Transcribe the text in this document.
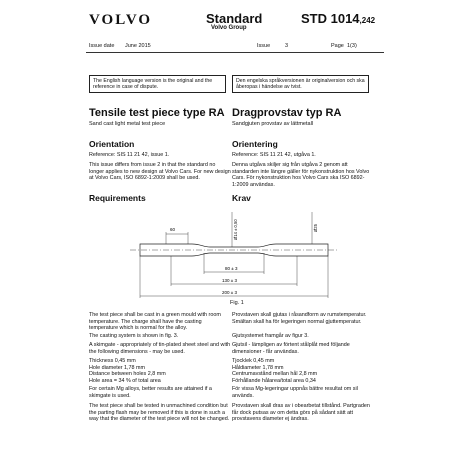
VOLVO	Standard
Volvo Group
STD 1014,242
Issue date June 2015	Issue	3	Page 1(3)
The English language version is the original and the reference in case of dispute.
Den engelska språkversionen är originalversion och ska åberopas i händelse av tvist.
Tensile test piece type RA
Sand cast light metal test piece
Dragprovstav typ RA
Sandgjuten provstav av lättmetall
Orientation	Orientering
Reference: SIS 11 21 42, issue 1.	Reference: SIS 11 21 42, utgåva 1.
This issue differs from issue 2 in that the standard no longer applies to new design at Volvo Cars. For new design at Volvo Cars, ISO 6892-1:2009 shall be used.
Denna utgåva skiljer sig från utgåva 2 genom att standarden inte längre gäller för nykonstruktion hos Volvo Cars. För nykonstruktion hos Volvo Cars ska ISO 6892-1:2009 användas.
Requirements	Krav
60
80 ± 3
130 ± 3
200 ± 3
Ø14 ± 0,50	Ø25
Fig. 1
The test piece shall be cast in a green mould with room temperature. The charge shall have the casting temperature which is normal for the alloy.
The casting system is shown in fig. 3.
A skimgate - appropriately of tin-plated sheet steel and with the following dimensions - may be used.
Thickness 0,45 mm
Hole diameter 1,78 mm
Distance between holes 2,8 mm
Hole area = 34 % of total area
For certain Mg alloys, better results are attained if a skimgate is used.
The test piece shall be tested in unmachined condition but the parting flash may be removed if this is done in such a way that the diameter of the test piece will not be changed.
Provstaven skall gjutas i råsandform av rumstemperatur. Smältan skall ha för legeringen normal gjuttemperatur.
Gjutsystemet framgår av figur 3.
Gjutsil - lämpligen av förtent stålplåt med följande dimensioner - får användas.
Tjocklek 0,45 mm
Håldiameter 1,78 mm
Centrumavstånd mellan hål 2,8 mm
Förhållande hålarea/total area 0,34
För vissa Mg-legeringar uppnås bättre resultat om sil används.
Provstaven skall dras av i obearbetat tillstånd. Partgraden får dock putsas av om detta görs på sådant sätt att provstavens diameter ej ändras.
